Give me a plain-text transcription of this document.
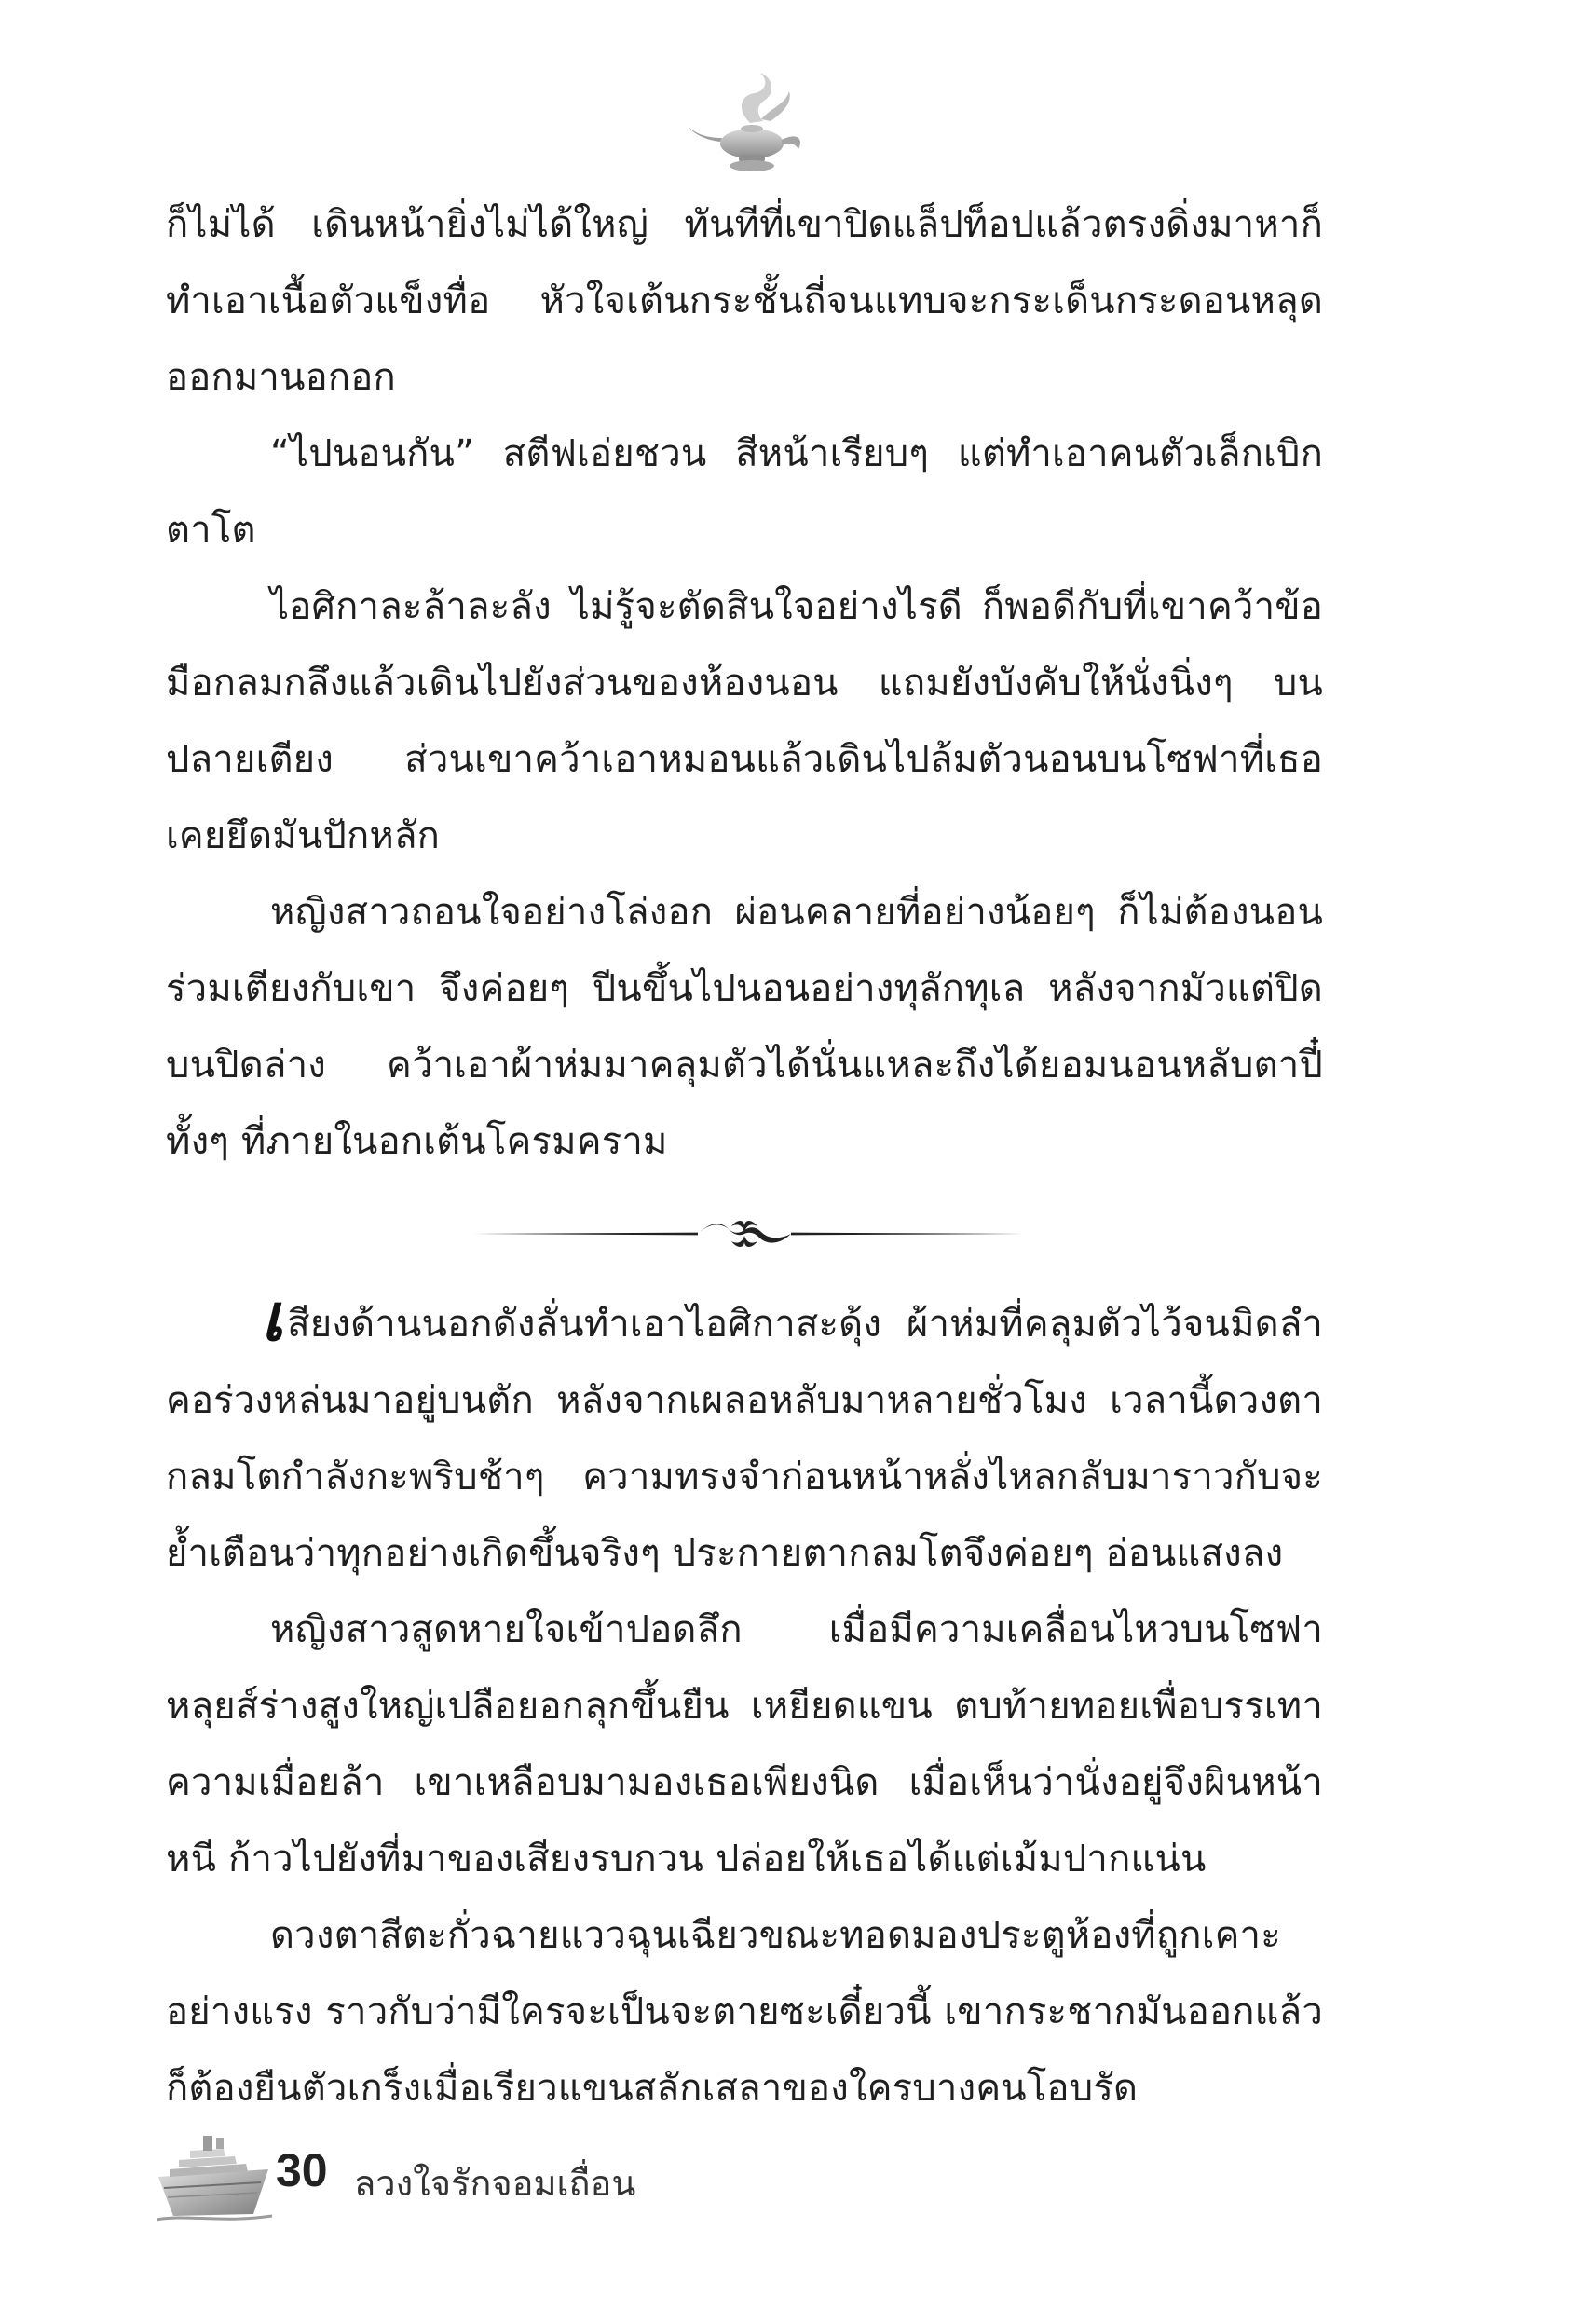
ก็ไม่ได้ เดินหน้ายิ่งไม่ได้ใหญ่ ทันทีที่เขาปิดแล็ปท็อปแล้วตรงดิ่งมาหาก็ทำเอาเนื้อตัวแข็งทื่อ หัวใจเต้นกระชั้นถี่จนแทบจะกระเด็นกระดอนหลุดออกมานอกอก

“ไปนอนกัน” สตีฟเอ่ยชวน สีหน้าเรียบๆ แต่ทำเอาคนตัวเล็กเบิกตาโต

ไอศิกาละล้าละลัง ไม่รู้จะตัดสินใจอย่างไรดี ก็พอดีกับที่เขาคว้าข้อมือกลมกลึงแล้วเดินไปยังส่วนของห้องนอน แถมยังบังคับให้นั่งนิ่งๆ บนปลายเตียง ส่วนเขาคว้าเอาหมอนแล้วเดินไปล้มตัวนอนบนโซฟาที่เธอเคยยึดมันปักหลัก

หญิงสาวถอนใจอย่างโล่งอก ผ่อนคลายที่อย่างน้อยๆ ก็ไม่ต้องนอนร่วมเตียงกับเขา จึงค่อยๆ ปีนขึ้นไปนอนอย่างทุลักทุเล หลังจากมัวแต่ปิดบนปิดล่าง คว้าเอาผ้าห่มมาคลุมตัวได้นั่นแหละถึงได้ยอมนอนหลับตาปี๋ ทั้งๆ ที่ภายในอกเต้นโครมคราม

เสียงด้านนอกดังลั่นทำเอาไอศิกาสะดุ้ง ผ้าห่มที่คลุมตัวไว้จนมิดลำคอร่วงหล่นมาอยู่บนตัก หลังจากเผลอหลับมาหลายชั่วโมง เวลานี้ดวงตากลมโตกำลังกะพริบช้าๆ ความทรงจำก่อนหน้าหลั่งไหลกลับมาราวกับจะย้ำเตือนว่าทุกอย่างเกิดขึ้นจริงๆ ประกายตากลมโตจึงค่อยๆ อ่อนแสงลง

หญิงสาวสูดหายใจเข้าปอดลึก เมื่อมีความเคลื่อนไหวบนโซฟาหลุยส์ร่างสูงใหญ่เปลือยอกลุกขึ้นยืน เหยียดแขน ตบท้ายทอยเพื่อบรรเทาความเมื่อยล้า เขาเหลือบมามองเธอเพียงนิด เมื่อเห็นว่านั่งอยู่จึงผินหน้าหนี ก้าวไปยังที่มาของเสียงรบกวน ปล่อยให้เธอได้แต่เม้มปากแน่น

ดวงตาสีตะกั่วฉายแววฉุนเฉียวขณะทอดมองประตูห้องที่ถูกเคาะอย่างแรง ราวกับว่ามีใครจะเป็นจะตายซะเดี๋ยวนี้ เขากระชากมันออกแล้วก็ต้องยืนตัวเกร็งเมื่อเรียวแขนสลักเสลาของใครบางคนโอบรัด

30 ลวงใจรักจอมเถื่อน
